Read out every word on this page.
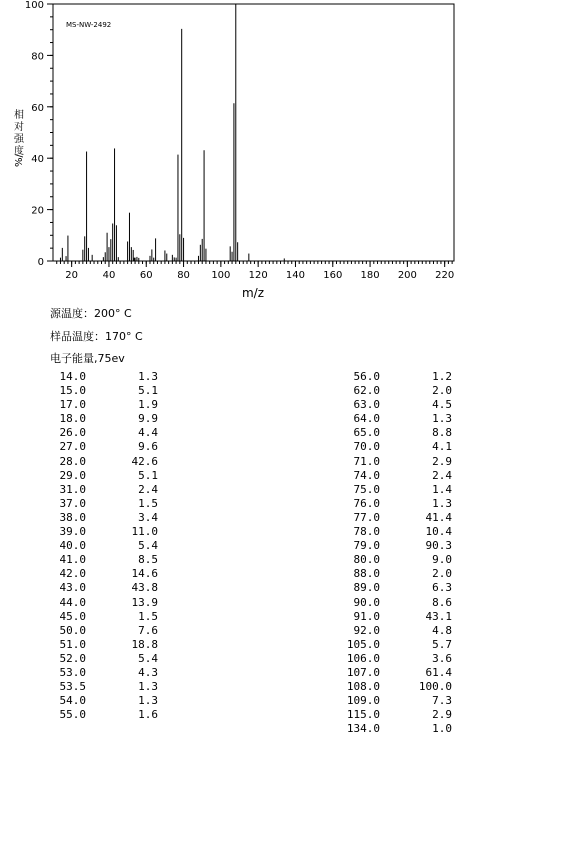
MS-NW-2492
20 40 60 80 100 120 140 160 180 200 220
0
20
40
60
80
100
m/z
相
对
强
度
%/
源温度：200° C
样品温度：170° C
电子能量,75ev
14.0	1.3
15.0	5.1
17.0	1.9
18.0	9.9
26.0	4.4
27.0	9.6
28.0	42.6
29.0	5.1
31.0	2.4
37.0	1.5
38.0	3.4
39.0	11.0
40.0	5.4
41.0	8.5
42.0	14.6
43.0	43.8
44.0	13.9
45.0	1.5
50.0	7.6
51.0	18.8
52.0	5.4
53.0	4.3
53.5	1.3
54.0	1.3
55.0	1.6
56.0	1.2
62.0	2.0
63.0	4.5
64.0	1.3
65.0	8.8
70.0	4.1
71.0	2.9
74.0	2.4
75.0	1.4
76.0	1.3
77.0	41.4
78.0	10.4
79.0	90.3
80.0	9.0
88.0	2.0
89.0	6.3
90.0	8.6
91.0	43.1
92.0	4.8
105.0	5.7
106.0	3.6
107.0	61.4
108.0	100.0
109.0	7.3
115.0	2.9
134.0	1.0
